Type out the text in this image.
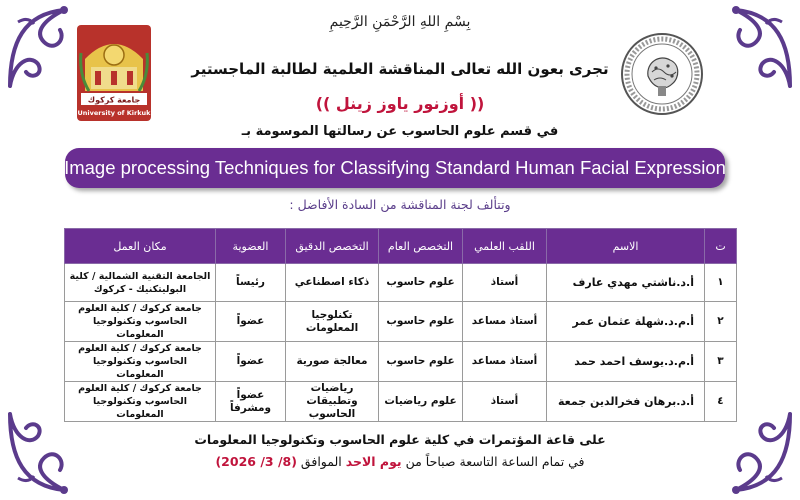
جامعة كركوك
University of Kirkuk
بِسْمِ اللهِ الرَّحْمَنِ الرَّحِيمِ
تجرى بعون الله تعالى المناقشة العلمية لطالبة الماجستير
(( أوزنور ياوز زينل ))
في قسم علوم الحاسوب عن رسالتها الموسومة بـ
Image processing Techniques for Classifying Standard Human Facial Expression
وتتألف لجنة المناقشة من السادة الأفاضل :
ت	الاسم	اللقب العلمي	التخصص العام	التخصص الدقيق	العضوية	مكان العمل
١	أ.د.ناشتي مهدي عارف	أستاذ	علوم حاسوب	ذكاء اصطناعي	رئيساً	الجامعة التقنية الشمالية / كلية البوليتكنيك - كركوك
٢	أ.م.د.شهلة عثمان عمر	أستاذ مساعد	علوم حاسوب	تكنلوجيا المعلومات	عضواً	جامعة كركوك / كلية العلوم الحاسوب وتكنولوجيا المعلومات
٣	أ.م.د.يوسف احمد حمد	أستاذ مساعد	علوم حاسوب	معالجة صورية	عضواً	جامعة كركوك / كلية العلوم الحاسوب وتكنولوجيا المعلومات
٤	أ.د.برهان فخرالدين جمعة	أستاذ	علوم رياضيات	رياضيات وتطبيقات الحاسوب	عضواً ومشرفاً	جامعة كركوك / كلية العلوم الحاسوب وتكنولوجيا المعلومات
على قاعة المؤتمرات في كلية علوم الحاسوب وتكنولوجيا المعلومات
في تمام الساعة التاسعة صباحاً من يوم الاحد الموافق (8/ 3/ 2026)
